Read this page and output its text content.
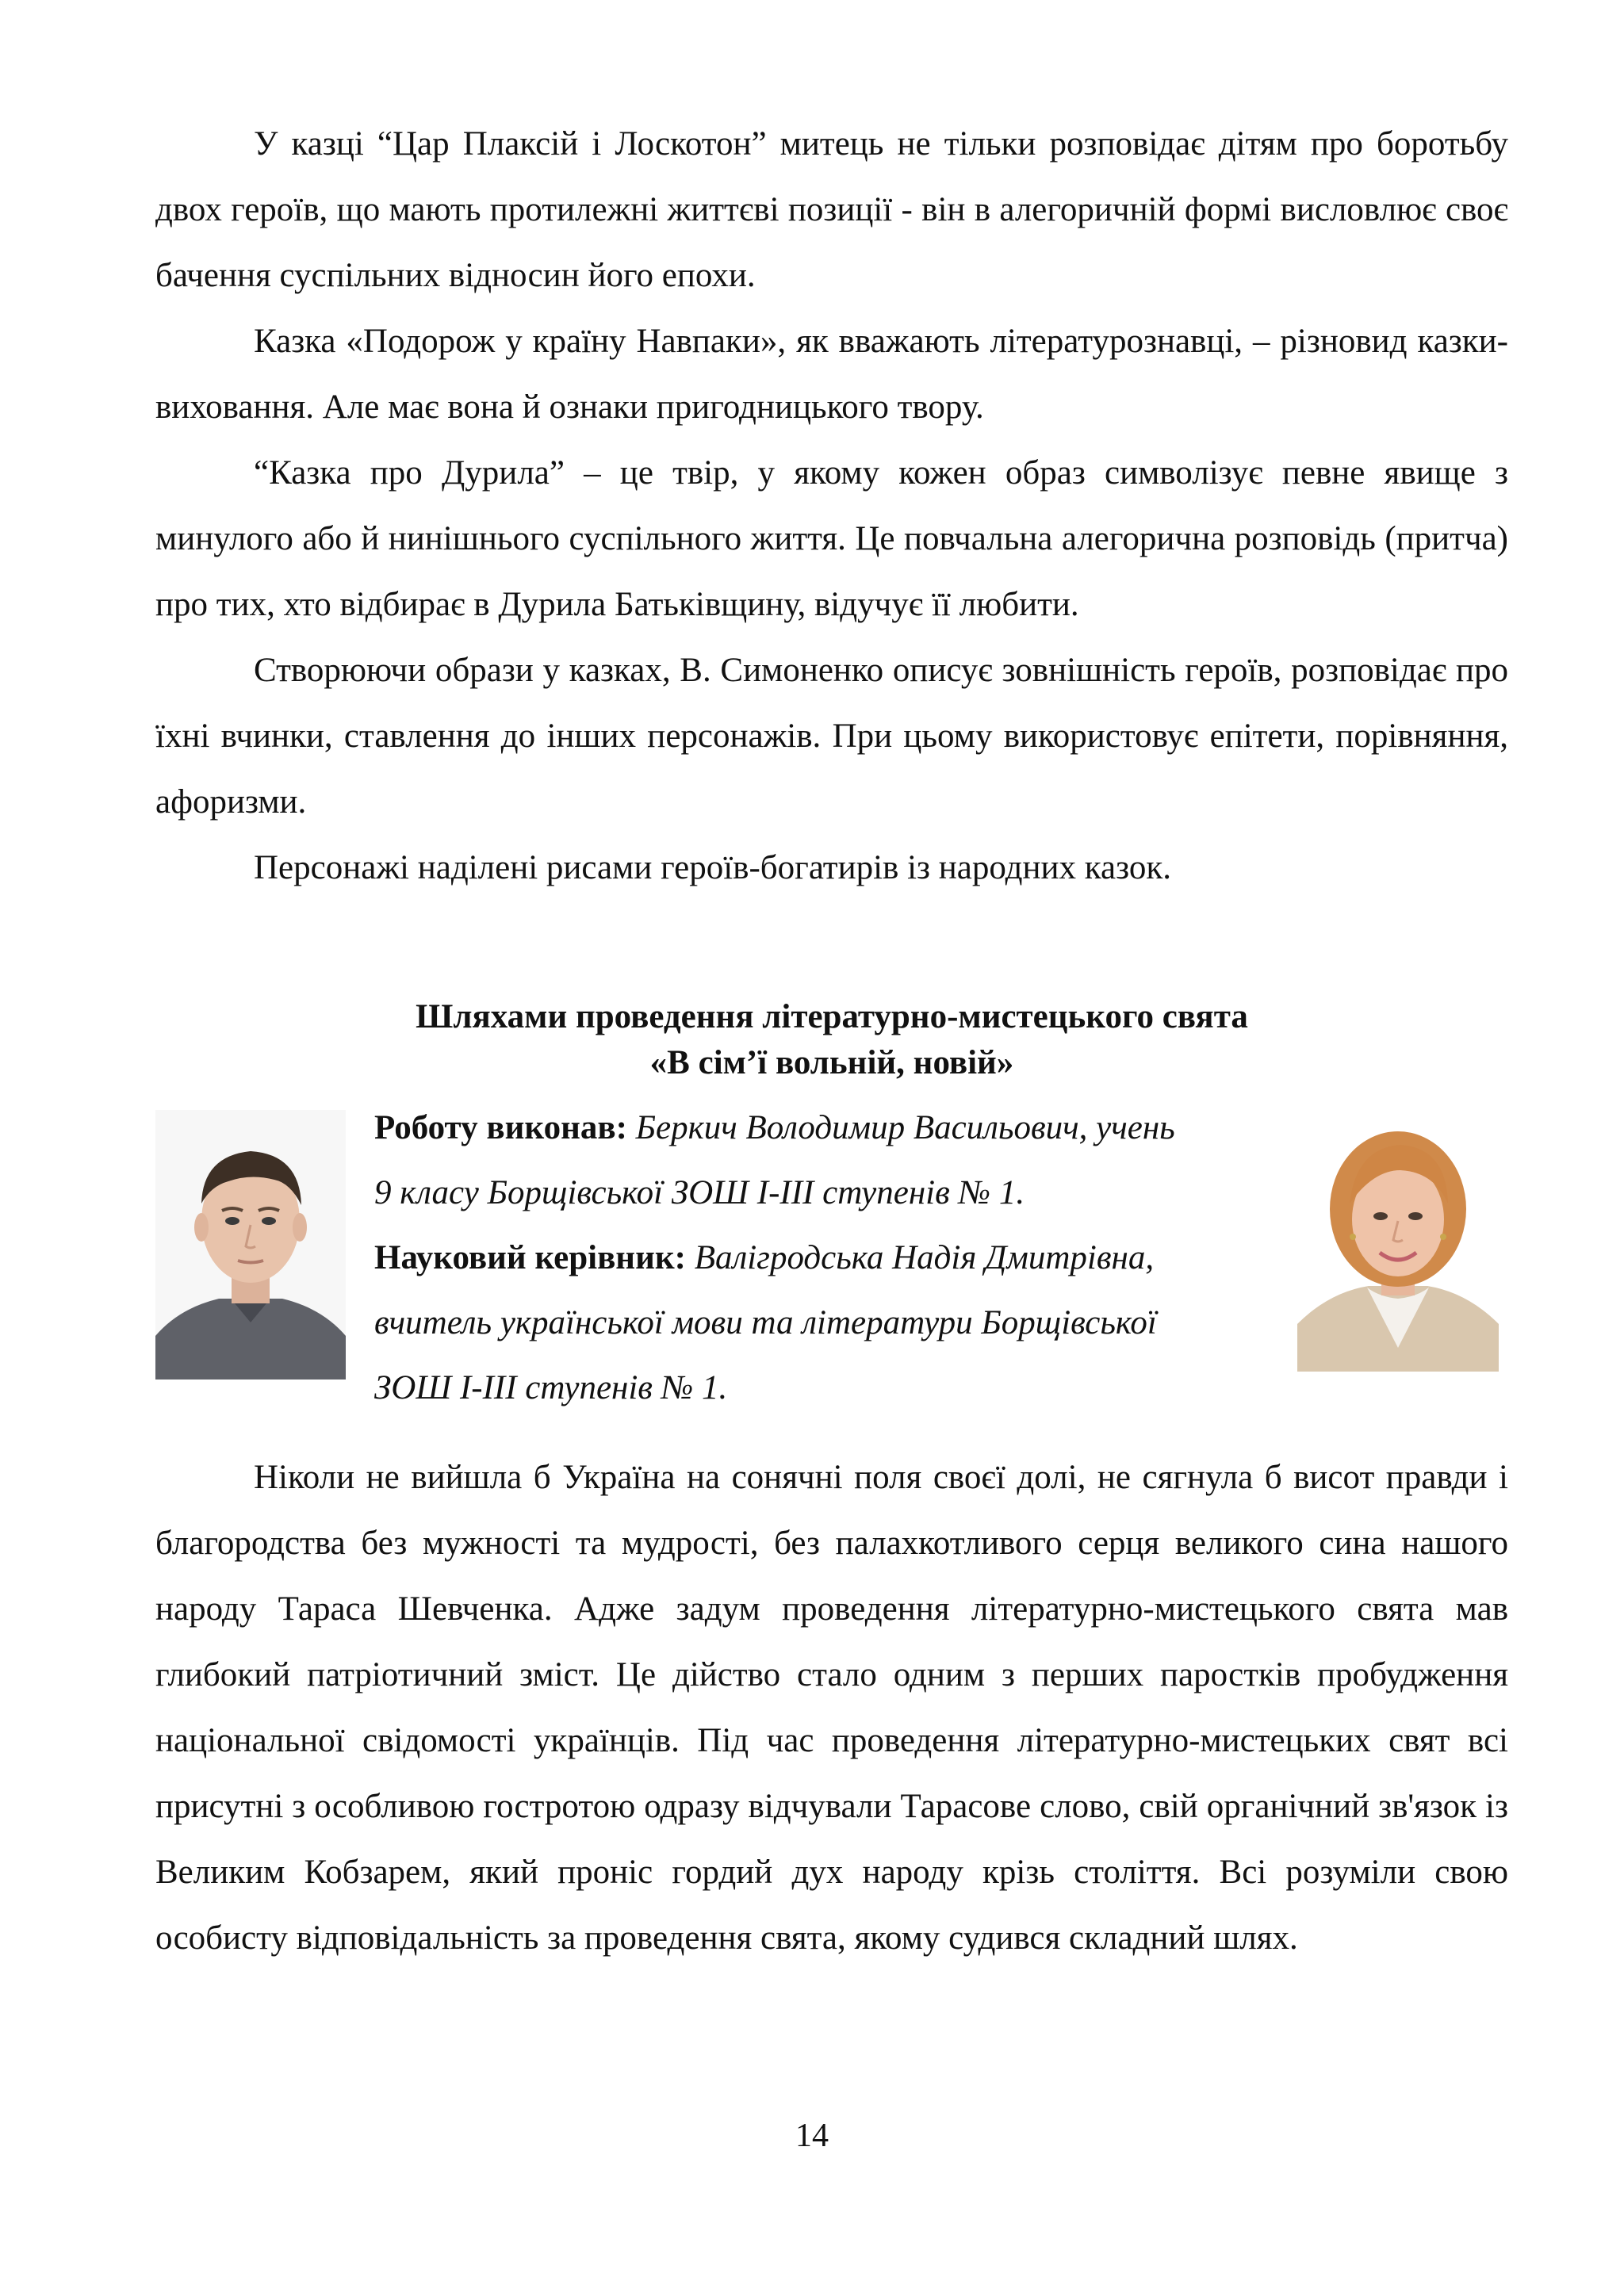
У казці “Цар Плаксій і Лоскотон” митець не тільки розповідає дітям про боротьбу двох героїв, що мають протилежні життєві позиції - він в алегоричній формі висловлює своє бачення суспільних відносин його епохи.

Казка «Подорож у країну Навпаки», як вважають літературознавці, – різновид казки-виховання. Але має вона й ознаки пригодницького твору.

“Казка про Дурила” – це твір, у якому кожен образ символізує певне явище з минулого або й нинішнього суспільного життя. Це повчальна алегорична розповідь (притча) про тих, хто відбирає в Дурила Батьківщину, відучує її любити.

Створюючи образи у казках, В. Симоненко описує зовнішність героїв, розповідає про їхні вчинки, ставлення до інших персонажів. При цьому використовує епітети, порівняння, афоризми.

Персонажі наділені рисами героїв-богатирів із народних казок.

Шляхами проведення літературно-мистецького свята
«В сім’ї вольній, новій»
Роботу виконав: Беркич Володимир Васильович, учень
9 класу Борщівської ЗОШ І-ІІІ ступенів № 1.
Науковий керівник: Валігродська Надія Дмитрівна,
вчитель української мови та літератури Борщівської
ЗОШ І-ІІІ ступенів № 1.

Ніколи не вийшла б Україна на сонячні поля своєї долі, не сягнула б висот правди і благородства без мужності та мудрості, без палахкотливого серця великого сина нашого народу Тараса Шевченка. Адже задум проведення літературно-мистецького свята мав глибокий патріотичний зміст. Це дійство стало одним з перших паростків пробудження національної свідомості українців. Під час проведення літературно-мистецьких свят всі присутні з особливою гостротою одразу відчували Тарасове слово, свій органічний зв'язок із Великим Кобзарем, який проніс гордий дух народу крізь століття. Всі розуміли свою особисту відповідальність за проведення свята, якому судився складний шлях.

14
